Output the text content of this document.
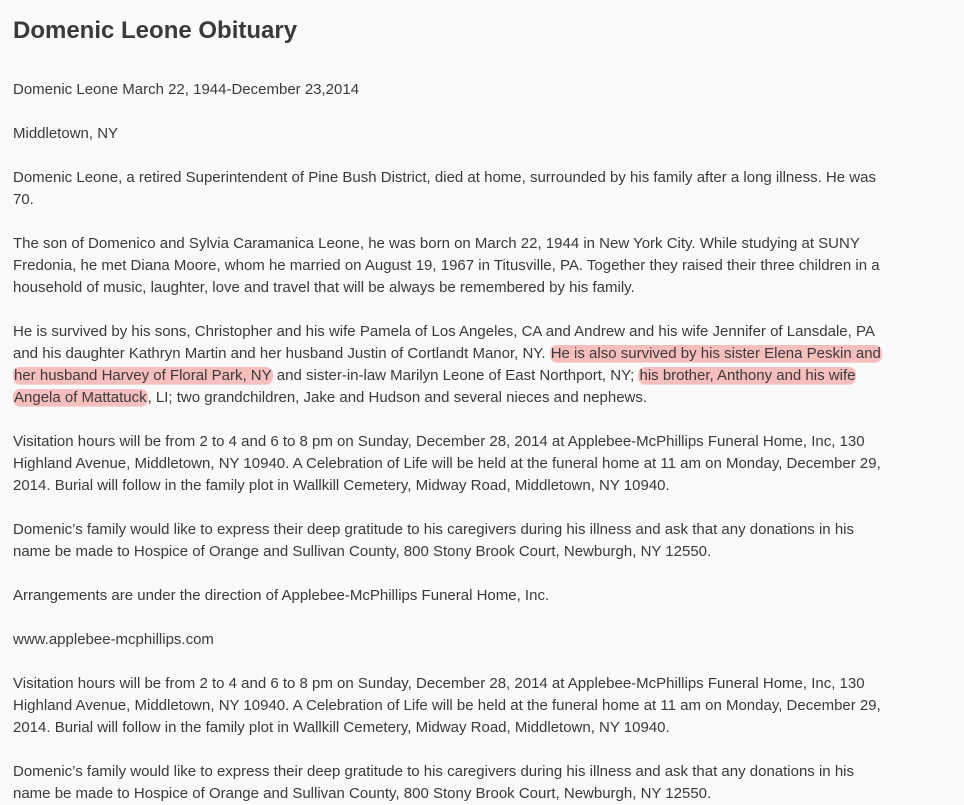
Domenic Leone Obituary

Domenic Leone March 22, 1944-December 23,2014

Middletown, NY

Domenic Leone, a retired Superintendent of Pine Bush District, died at home, surrounded by his family after a long illness. He was 70.

The son of Domenico and Sylvia Caramanica Leone, he was born on March 22, 1944 in New York City. While studying at SUNY Fredonia, he met Diana Moore, whom he married on August 19, 1967 in Titusville, PA. Together they raised their three children in a household of music, laughter, love and travel that will be always be remembered by his family.

He is survived by his sons, Christopher and his wife Pamela of Los Angeles, CA and Andrew and his wife Jennifer of Lansdale, PA and his daughter Kathryn Martin and her husband Justin of Cortlandt Manor, NY. He is also survived by his sister Elena Peskin and her husband Harvey of Floral Park, NY and sister-in-law Marilyn Leone of East Northport, NY; his brother, Anthony and his wife Angela of Mattatuck, LI; two grandchildren, Jake and Hudson and several nieces and nephews.

Visitation hours will be from 2 to 4 and 6 to 8 pm on Sunday, December 28, 2014 at Applebee-McPhillips Funeral Home, Inc, 130 Highland Avenue, Middletown, NY 10940. A Celebration of Life will be held at the funeral home at 11 am on Monday, December 29, 2014. Burial will follow in the family plot in Wallkill Cemetery, Midway Road, Middletown, NY 10940.

Domenic’s family would like to express their deep gratitude to his caregivers during his illness and ask that any donations in his name be made to Hospice of Orange and Sullivan County, 800 Stony Brook Court, Newburgh, NY 12550.

Arrangements are under the direction of Applebee-McPhillips Funeral Home, Inc.

www.applebee-mcphillips.com

Visitation hours will be from 2 to 4 and 6 to 8 pm on Sunday, December 28, 2014 at Applebee-McPhillips Funeral Home, Inc, 130 Highland Avenue, Middletown, NY 10940. A Celebration of Life will be held at the funeral home at 11 am on Monday, December 29, 2014. Burial will follow in the family plot in Wallkill Cemetery, Midway Road, Middletown, NY 10940.

Domenic’s family would like to express their deep gratitude to his caregivers during his illness and ask that any donations in his name be made to Hospice of Orange and Sullivan County, 800 Stony Brook Court, Newburgh, NY 12550.
